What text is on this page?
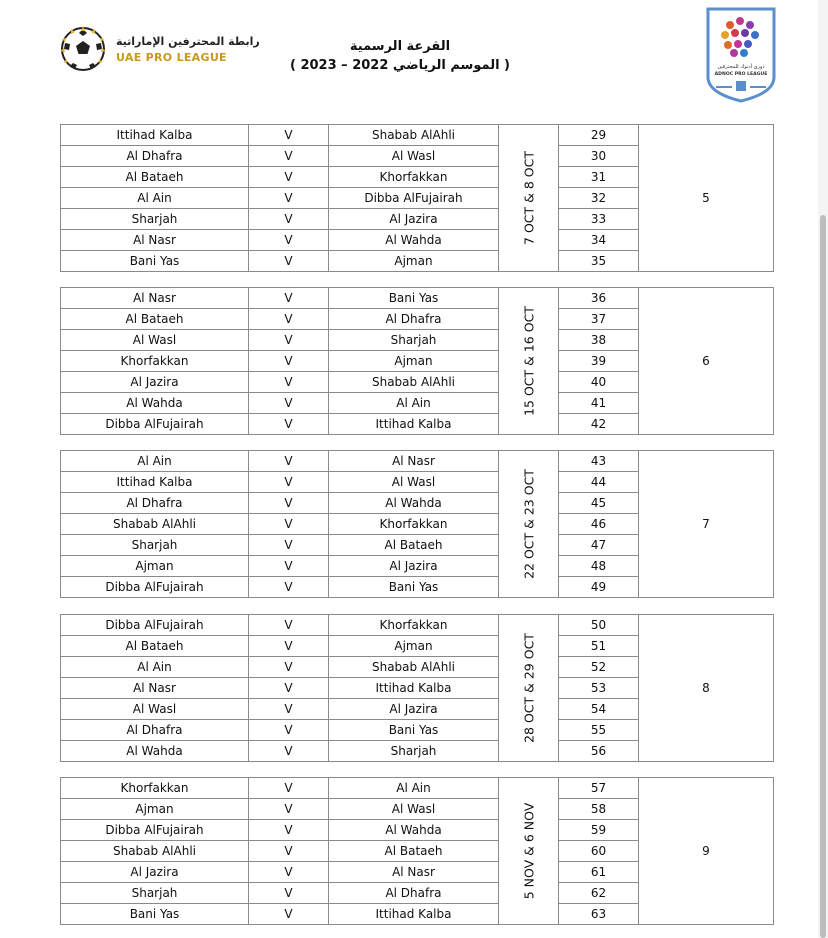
رابطة المحترفين الإماراتية
UAE PRO LEAGUE
القرعة الرسمية
( الموسم الرياضي 2022 – 2023 )	دوري أدنوك للمحترفين
ADNOC PRO LEAGUE
Ittihad Kalba	V	Shabab AlAhli	7 OCT & 8 OCT	29	5
Al Dhafra	V	Al Wasl		30	
Al Bataeh	V	Khorfakkan		31	
Al Ain	V	Dibba AlFujairah		32	
Sharjah	V	Al Jazira		33	
Al Nasr	V	Al Wahda		34	
Bani Yas	V	Ajman		35	
Al Nasr	V	Bani Yas	15 OCT & 16 OCT	36	6
Al Bataeh	V	Al Dhafra		37	
Al Wasl	V	Sharjah		38	
Khorfakkan	V	Ajman		39	
Al Jazira	V	Shabab AlAhli		40	
Al Wahda	V	Al Ain		41	
Dibba AlFujairah	V	Ittihad Kalba		42	
Al Ain	V	Al Nasr	22 OCT & 23 OCT	43	7
Ittihad Kalba	V	Al Wasl		44	
Al Dhafra	V	Al Wahda		45	
Shabab AlAhli	V	Khorfakkan		46	
Sharjah	V	Al Bataeh		47	
Ajman	V	Al Jazira		48	
Dibba AlFujairah	V	Bani Yas		49	
Dibba AlFujairah	V	Khorfakkan	28 OCT & 29 OCT	50	8
Al Bataeh	V	Ajman		51	
Al Ain	V	Shabab AlAhli		52	
Al Nasr	V	Ittihad Kalba		53	
Al Wasl	V	Al Jazira		54	
Al Dhafra	V	Bani Yas		55	
Al Wahda	V	Sharjah		56	
Khorfakkan	V	Al Ain	5 NOV & 6 NOV	57	9
Ajman	V	Al Wasl		58	
Dibba AlFujairah	V	Al Wahda		59	
Shabab AlAhli	V	Al Bataeh		60	
Al Jazira	V	Al Nasr		61	
Sharjah	V	Al Dhafra		62	
Bani Yas	V	Ittihad Kalba		63	
